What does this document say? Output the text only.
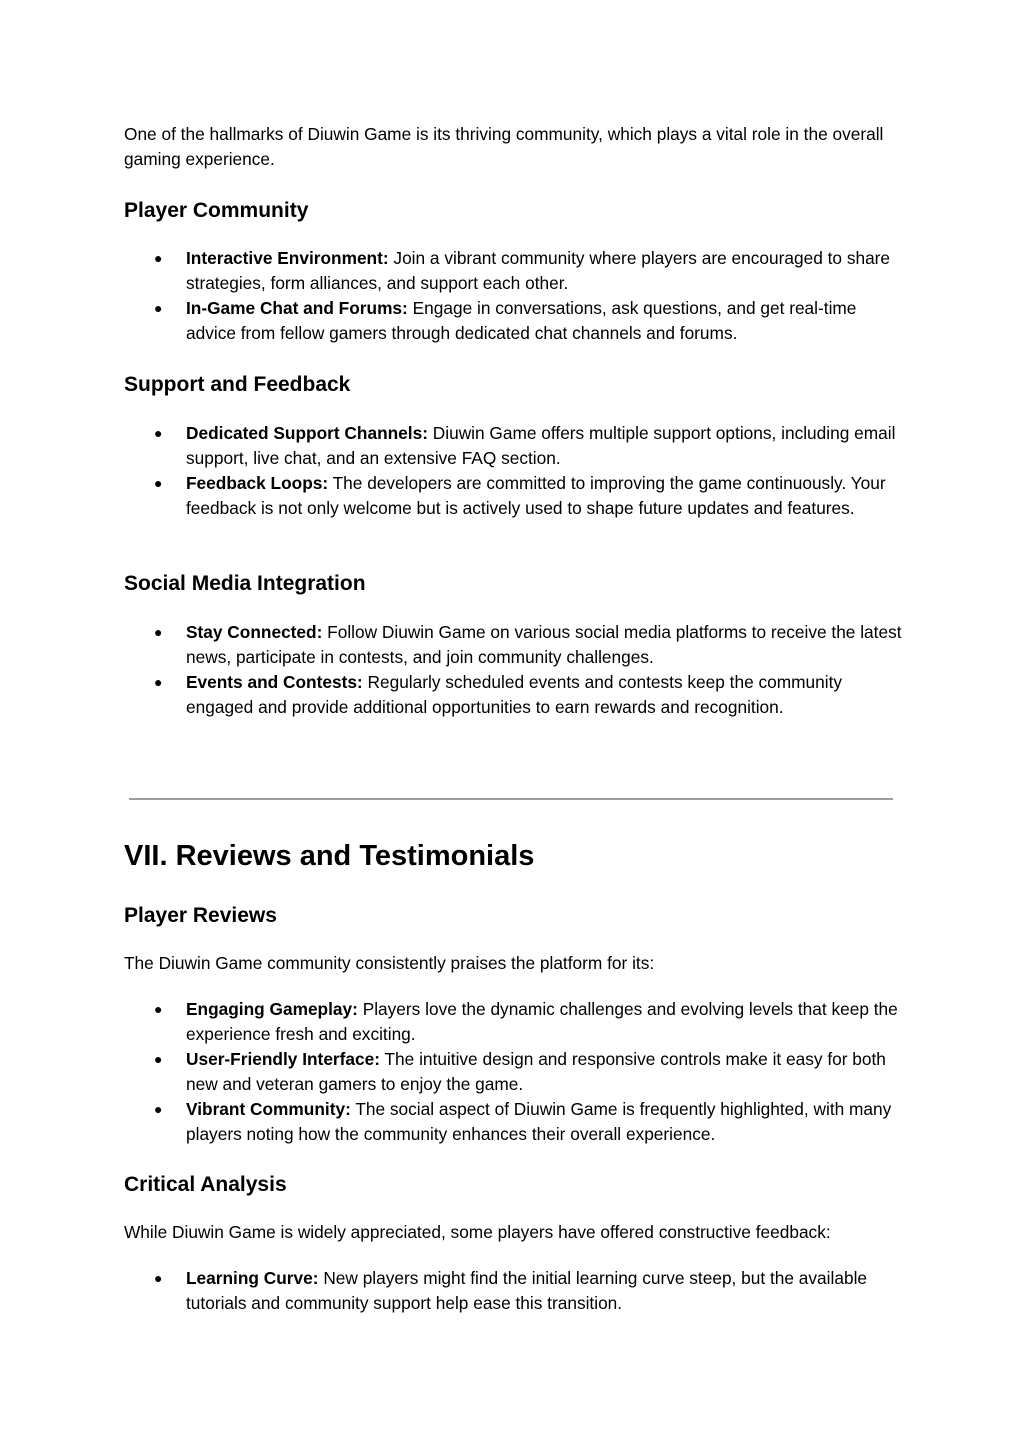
One of the hallmarks of Diuwin Game is its thriving community, which plays a vital role in the overall gaming experience.

Player Community
● Interactive Environment: Join a vibrant community where players are encouraged to share strategies, form alliances, and support each other.
● In-Game Chat and Forums: Engage in conversations, ask questions, and get real-time advice from fellow gamers through dedicated chat channels and forums.
Support and Feedback
● Dedicated Support Channels: Diuwin Game offers multiple support options, including email support, live chat, and an extensive FAQ section.
● Feedback Loops: The developers are committed to improving the game continuously. Your feedback is not only welcome but is actively used to shape future updates and features.
Social Media Integration
● Stay Connected: Follow Diuwin Game on various social media platforms to receive the latest news, participate in contests, and join community challenges.
● Events and Contests: Regularly scheduled events and contests keep the community engaged and provide additional opportunities to earn rewards and recognition.
VII. Reviews and Testimonials
Player Reviews

The Diuwin Game community consistently praises the platform for its:

● Engaging Gameplay: Players love the dynamic challenges and evolving levels that keep the experience fresh and exciting.
● User-Friendly Interface: The intuitive design and responsive controls make it easy for both new and veteran gamers to enjoy the game.
● Vibrant Community: The social aspect of Diuwin Game is frequently highlighted, with many players noting how the community enhances their overall experience.
Critical Analysis

While Diuwin Game is widely appreciated, some players have offered constructive feedback:

● Learning Curve: New players might find the initial learning curve steep, but the available tutorials and community support help ease this transition.
